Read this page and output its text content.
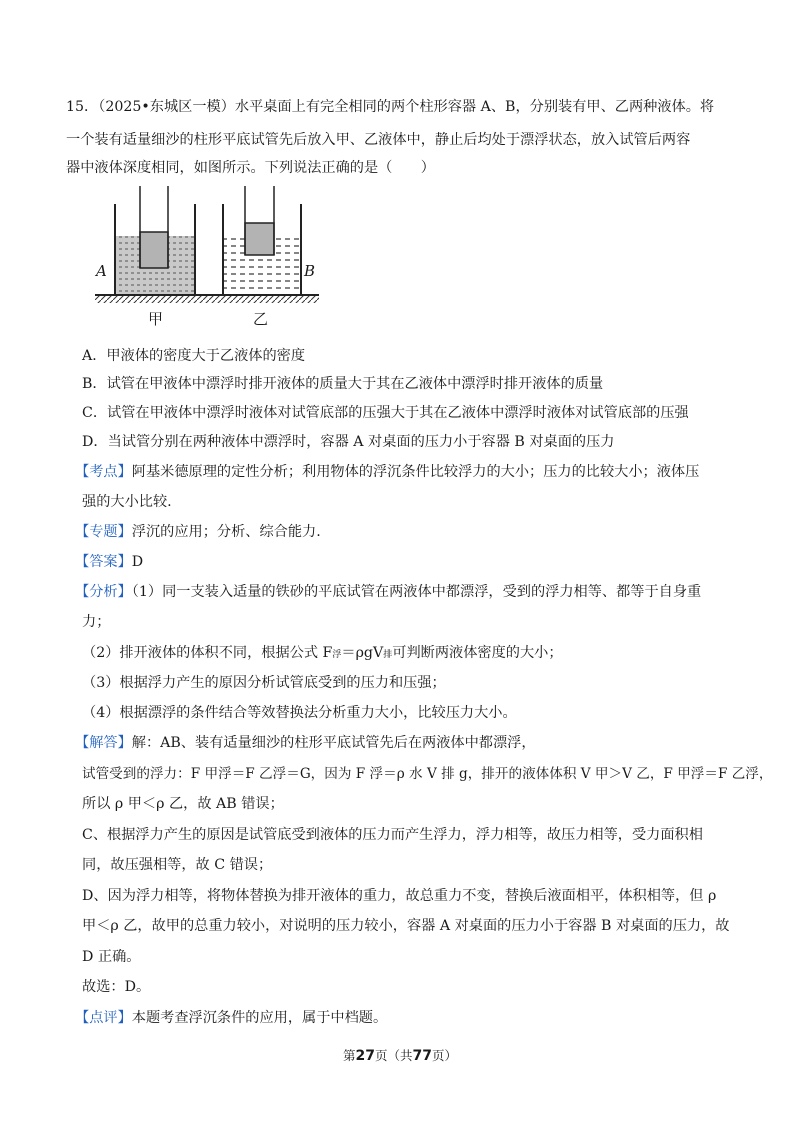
15．（2025•东城区一模）水平桌面上有完全相同的两个柱形容器 A、B，分别装有甲、乙两种液体。将
一个装有适量细沙的柱形平底试管先后放入甲、乙液体中，静止后均处于漂浮状态，放入试管后两容
器中液体深度相同，如图所示。下列说法正确的是（　　）
A	B
甲	乙
A．甲液体的密度大于乙液体的密度
B．试管在甲液体中漂浮时排开液体的质量大于其在乙液体中漂浮时排开液体的质量
C．试管在甲液体中漂浮时液体对试管底部的压强大于其在乙液体中漂浮时液体对试管底部的压强
D．当试管分别在两种液体中漂浮时，容器 A 对桌面的压力小于容器 B 对桌面的压力
【考点】阿基米德原理的定性分析；利用物体的浮沉条件比较浮力的大小；压力的比较大小；液体压
强的大小比较.
【专题】浮沉的应用；分析、综合能力.
【答案】D
【分析】（1）同一支装入适量的铁砂的平底试管在两液体中都漂浮，受到的浮力相等、都等于自身重
力；
（2）排开液体的体积不同，根据公式 F浮＝ρgV排可判断两液体密度的大小；
（3）根据浮力产生的原因分析试管底受到的压力和压强；
（4）根据漂浮的条件结合等效替换法分析重力大小，比较压力大小。
【解答】解：AB、装有适量细沙的柱形平底试管先后在两液体中都漂浮，
试管受到的浮力：F 甲浮＝F 乙浮＝G，因为 F 浮＝ρ 水 V 排 g，排开的液体体积 V 甲＞V 乙，F 甲浮＝F 乙浮，
所以 ρ 甲＜ρ 乙，故 AB 错误；
C、根据浮力产生的原因是试管底受到液体的压力而产生浮力，浮力相等，故压力相等，受力面积相
同，故压强相等，故 C 错误；
D、因为浮力相等，将物体替换为排开液体的重力，故总重力不变，替换后液面相平，体积相等，但 ρ
甲＜ρ 乙，故甲的总重力较小，对说明的压力较小，容器 A 对桌面的压力小于容器 B 对桌面的压力，故
D 正确。
故选：D。
【点评】本题考查浮沉条件的应用，属于中档题。
第27页（共77页）
